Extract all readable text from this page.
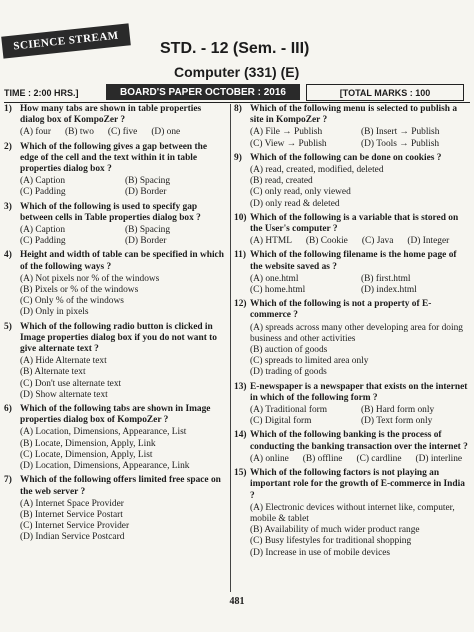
SCIENCE STREAM	STD. - 12 (Sem. - III)
Computer (331) (E)
TIME : 2:00 HRS.]	BOARD'S PAPER OCTOBER : 2016	[TOTAL MARKS : 100
1) How many tabs are shown in table properties dialog box of KompoZer ?
(A) four (B) two (C) five (D) one
2) Which of the following gives a gap between the edge of the cell and the text within it in table properties dialog box ?
(A) Caption	(B) Spacing
(C) Padding	(D) Border
3) Which of the following is used to specify gap between cells in Table properties dialog box ?
(A) Caption	(B) Spacing
(C) Padding	(D) Border
4) Height and width of table can be specified in which of the following ways ?
(A) Not pixels nor % of the windows
(B) Pixels or % of the windows
(C) Only % of the windows
(D) Only in pixels
5) Which of the following radio button is clicked in Image properties dialog box if you do not want to give alternate text ?
(A) Hide Alternate text
(B) Alternate text
(C) Don't use alternate text
(D) Show alternate text
6) Which of the following tabs are shown in Image properties dialog box of KompoZer ?
(A) Location, Dimensions, Appearance, List
(B) Locate, Dimension, Apply, Link
(C) Locate, Dimension, Apply, List
(D) Location, Dimensions, Appearance, Link
7) Which of the following offers limited free space on the web server ?
(A) Internet Space Provider
(B) Internet Service Postart
(C) Internet Service Provider
(D) Indian Service Postcard
8) Which of the following menu is selected to publish a site in KompoZer ?
(A) File → Publish	(B) Insert → Publish
(C) View → Publish	(D) Tools → Publish
9) Which of the following can be done on cookies ?
(A) read, created, modified, deleted
(B) read, created
(C) only read, only viewed
(D) only read & deleted
10) Which of the following is a variable that is stored on the User's computer ?
(A) HTML (B) Cookie (C) Java (D) Integer
11) Which of the following filename is the home page of the website saved as ?
(A) one.html	(B) first.html
(C) home.html	(D) index.html
12) Which of the following is not a property of E-commerce ?
(A) spreads across many other developing area for doing business and other activities
(B) auction of goods
(C) spreads to limited area only
(D) trading of goods
13) E-newspaper is a newspaper that exists on the internet in which of the following form ?
(A) Traditional form	(B) Hard form only
(C) Digital form	(D) Text form only
14) Which of the following banking is the process of conducting the banking transaction over the internet ?
(A) online (B) offline (C) cardline (D) interline
15) Which of the following factors is not playing an important role for the growth of E-commerce in India ?
(A) Electronic devices without internet like, computer, mobile & tablet
(B) Availability of much wider product range
(C) Busy lifestyles for traditional shopping
(D) Increase in use of mobile devices
481
